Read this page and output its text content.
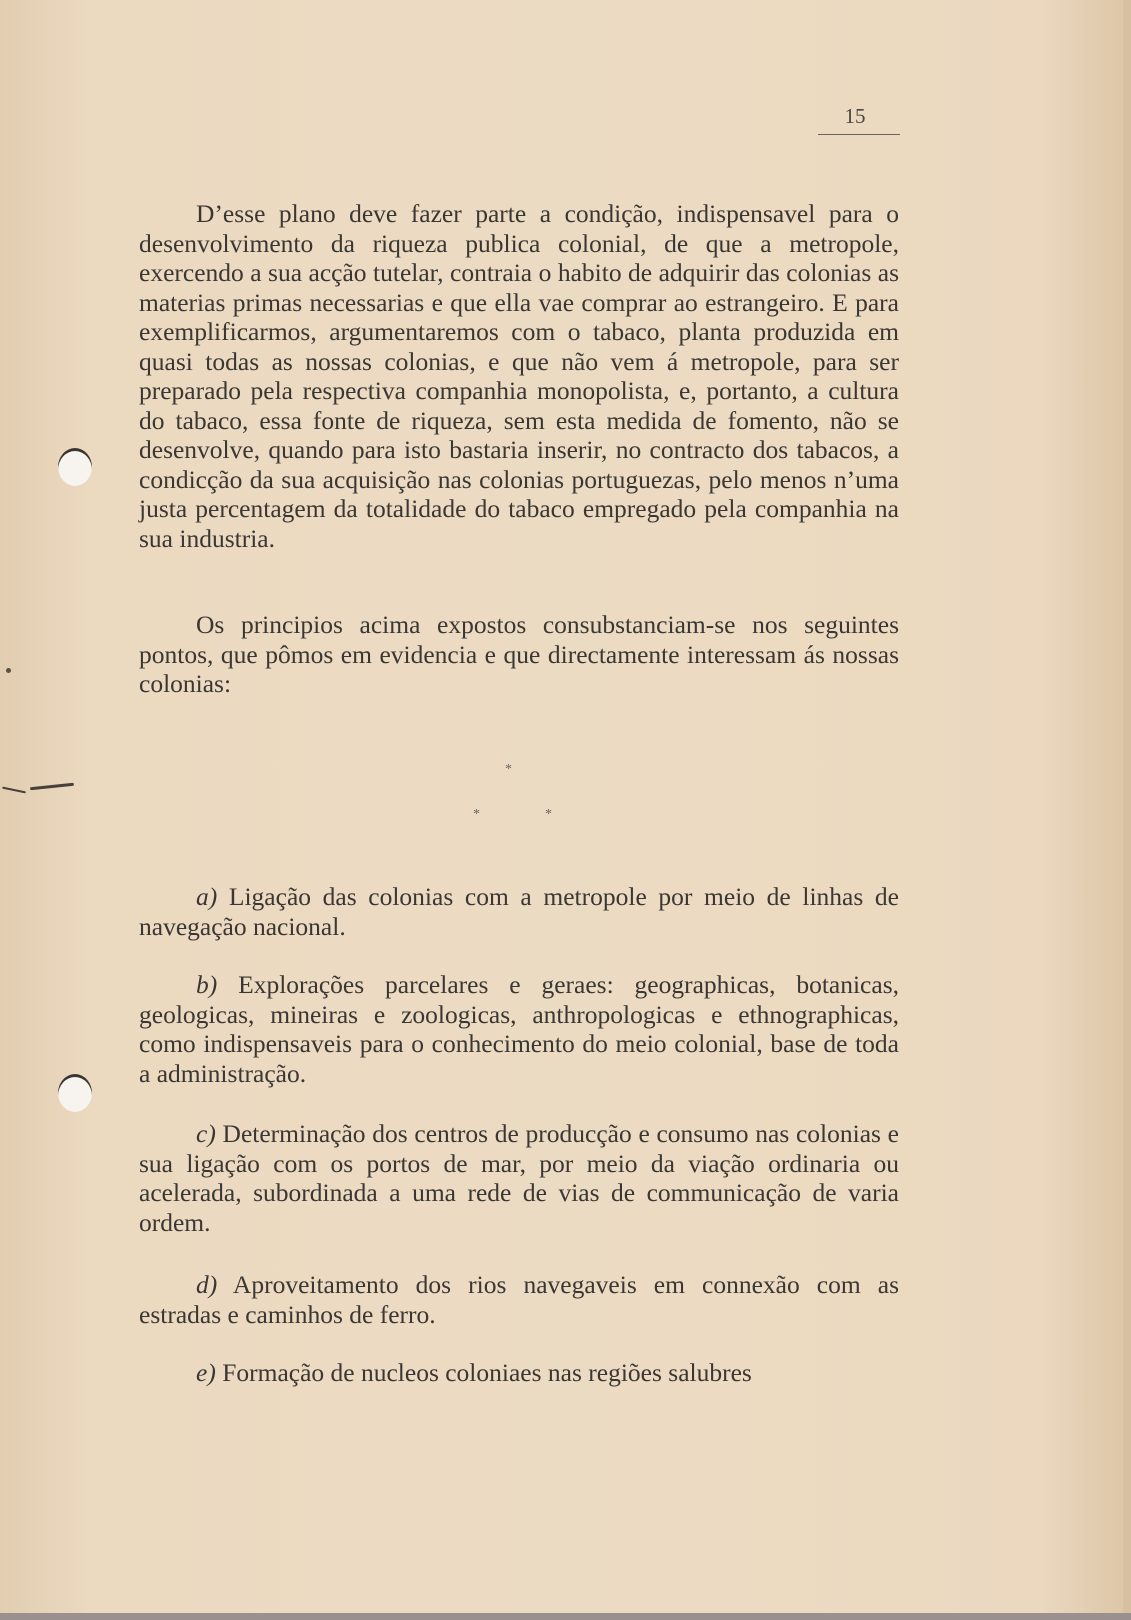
15

D’esse plano deve fazer parte a condição, indispensavel para o desenvolvimento da riqueza publica colonial, de que a metropole, exercendo a sua acção tutelar, contraia o habito de adquirir das colonias as materias primas necessarias e que ella vae comprar ao estrangeiro. E para exemplificarmos, argumentaremos com o tabaco, planta produzida em quasi todas as nossas colonias, e que não vem á metropole, para ser preparado pela respectiva companhia monopolista, e, portanto, a cultura do tabaco, essa fonte de riqueza, sem esta medida de fomento, não se desenvolve, quando para isto bastaria inserir, no contracto dos tabacos, a condicção da sua acquisição nas colonias portuguezas, pelo menos n’uma justa percentagem da totalidade do tabaco empregado pela companhia na sua industria.

Os principios acima expostos consubstanciam-se nos seguintes pontos, que pômos em evidencia e que directamente interessam ás nossas colonias:

*
*	*

a) Ligação das colonias com a metropole por meio de linhas de navegação nacional.

b) Explorações parcelares e geraes: geographicas, botanicas, geologicas, mineiras e zoologicas, anthropologicas e ethnographicas, como indispensaveis para o conhecimento do meio colonial, base de toda a administração.

c) Determinação dos centros de producção e consumo nas colonias e sua ligação com os portos de mar, por meio da viação ordinaria ou acelerada, subordinada a uma rede de vias de communicação de varia ordem.

d) Aproveitamento dos rios navegaveis em connexão com as estradas e caminhos de ferro.

e) Formação de nucleos coloniaes nas regiões salubres
